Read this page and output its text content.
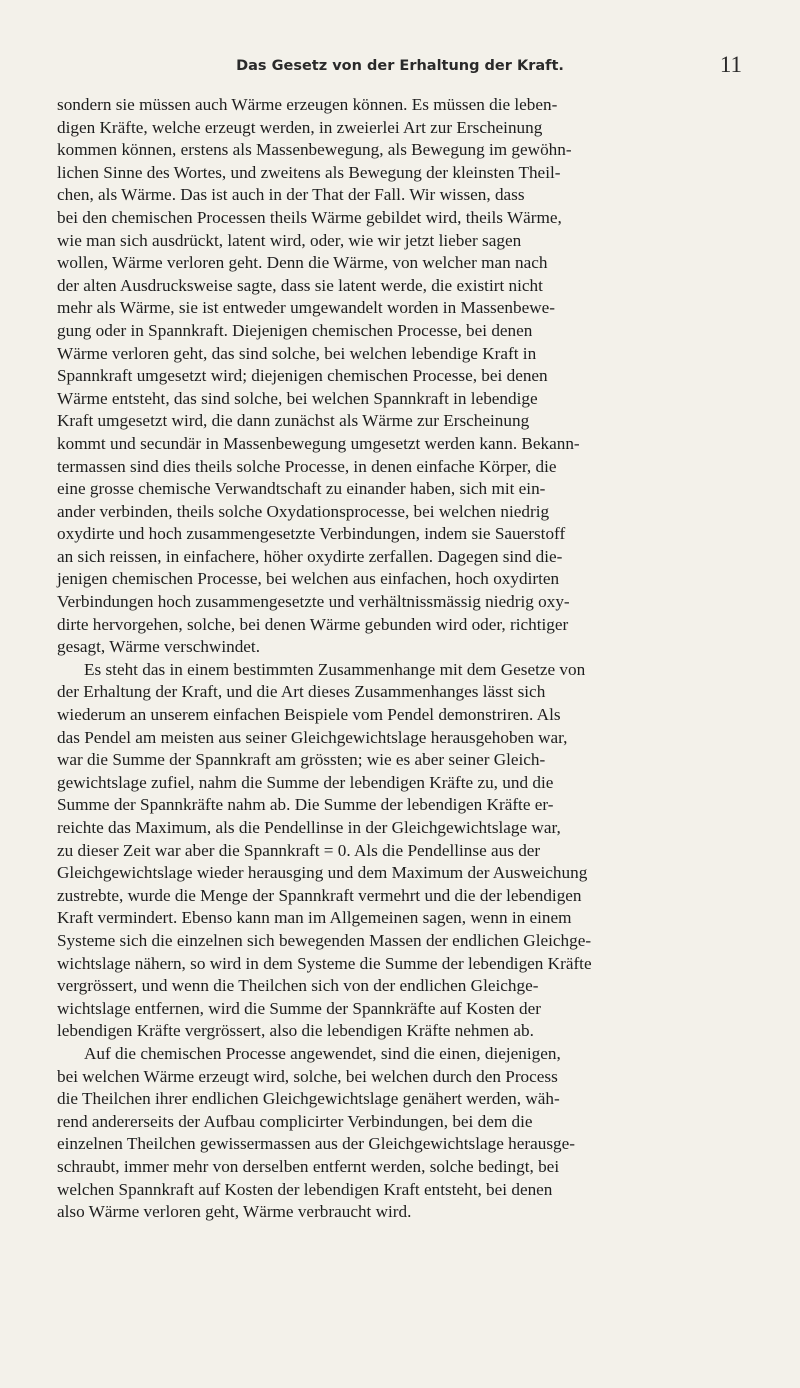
Das Gesetz von der Erhaltung der Kraft.	11
sondern sie müssen auch Wärme erzeugen können. Es müssen die leben-
digen Kräfte, welche erzeugt werden, in zweierlei Art zur Erscheinung
kommen können, erstens als Massenbewegung, als Bewegung im gewöhn-
lichen Sinne des Wortes, und zweitens als Bewegung der kleinsten Theil-
chen, als Wärme. Das ist auch in der That der Fall. Wir wissen, dass
bei den chemischen Processen theils Wärme gebildet wird, theils Wärme,
wie man sich ausdrückt, latent wird, oder, wie wir jetzt lieber sagen
wollen, Wärme verloren geht. Denn die Wärme, von welcher man nach
der alten Ausdrucksweise sagte, dass sie latent werde, die existirt nicht
mehr als Wärme, sie ist entweder umgewandelt worden in Massenbewe-
gung oder in Spannkraft. Diejenigen chemischen Processe, bei denen
Wärme verloren geht, das sind solche, bei welchen lebendige Kraft in
Spannkraft umgesetzt wird; diejenigen chemischen Processe, bei denen
Wärme entsteht, das sind solche, bei welchen Spannkraft in lebendige
Kraft umgesetzt wird, die dann zunächst als Wärme zur Erscheinung
kommt und secundär in Massenbewegung umgesetzt werden kann. Bekann-
termassen sind dies theils solche Processe, in denen einfache Körper, die
eine grosse chemische Verwandtschaft zu einander haben, sich mit ein-
ander verbinden, theils solche Oxydationsprocesse, bei welchen niedrig
oxydirte und hoch zusammengesetzte Verbindungen, indem sie Sauerstoff
an sich reissen, in einfachere, höher oxydirte zerfallen. Dagegen sind die-
jenigen chemischen Processe, bei welchen aus einfachen, hoch oxydirten
Verbindungen hoch zusammengesetzte und verhältnissmässig niedrig oxy-
dirte hervorgehen, solche, bei denen Wärme gebunden wird oder, richtiger
gesagt, Wärme verschwindet.
Es steht das in einem bestimmten Zusammenhange mit dem Gesetze von
der Erhaltung der Kraft, und die Art dieses Zusammenhanges lässt sich
wiederum an unserem einfachen Beispiele vom Pendel demonstriren. Als
das Pendel am meisten aus seiner Gleichgewichtslage herausgehoben war,
war die Summe der Spannkraft am grössten; wie es aber seiner Gleich-
gewichtslage zufiel, nahm die Summe der lebendigen Kräfte zu, und die
Summe der Spannkräfte nahm ab. Die Summe der lebendigen Kräfte er-
reichte das Maximum, als die Pendellinse in der Gleichgewichtslage war,
zu dieser Zeit war aber die Spannkraft = 0. Als die Pendellinse aus der
Gleichgewichtslage wieder herausging und dem Maximum der Ausweichung
zustrebte, wurde die Menge der Spannkraft vermehrt und die der lebendigen
Kraft vermindert. Ebenso kann man im Allgemeinen sagen, wenn in einem
Systeme sich die einzelnen sich bewegenden Massen der endlichen Gleichge-
wichtslage nähern, so wird in dem Systeme die Summe der lebendigen Kräfte
vergrössert, und wenn die Theilchen sich von der endlichen Gleichge-
wichtslage entfernen, wird die Summe der Spannkräfte auf Kosten der
lebendigen Kräfte vergrössert, also die lebendigen Kräfte nehmen ab.
Auf die chemischen Processe angewendet, sind die einen, diejenigen,
bei welchen Wärme erzeugt wird, solche, bei welchen durch den Process
die Theilchen ihrer endlichen Gleichgewichtslage genähert werden, wäh-
rend andererseits der Aufbau complicirter Verbindungen, bei dem die
einzelnen Theilchen gewissermassen aus der Gleichgewichtslage herausge-
schraubt, immer mehr von derselben entfernt werden, solche bedingt, bei
welchen Spannkraft auf Kosten der lebendigen Kraft entsteht, bei denen
also Wärme verloren geht, Wärme verbraucht wird.
